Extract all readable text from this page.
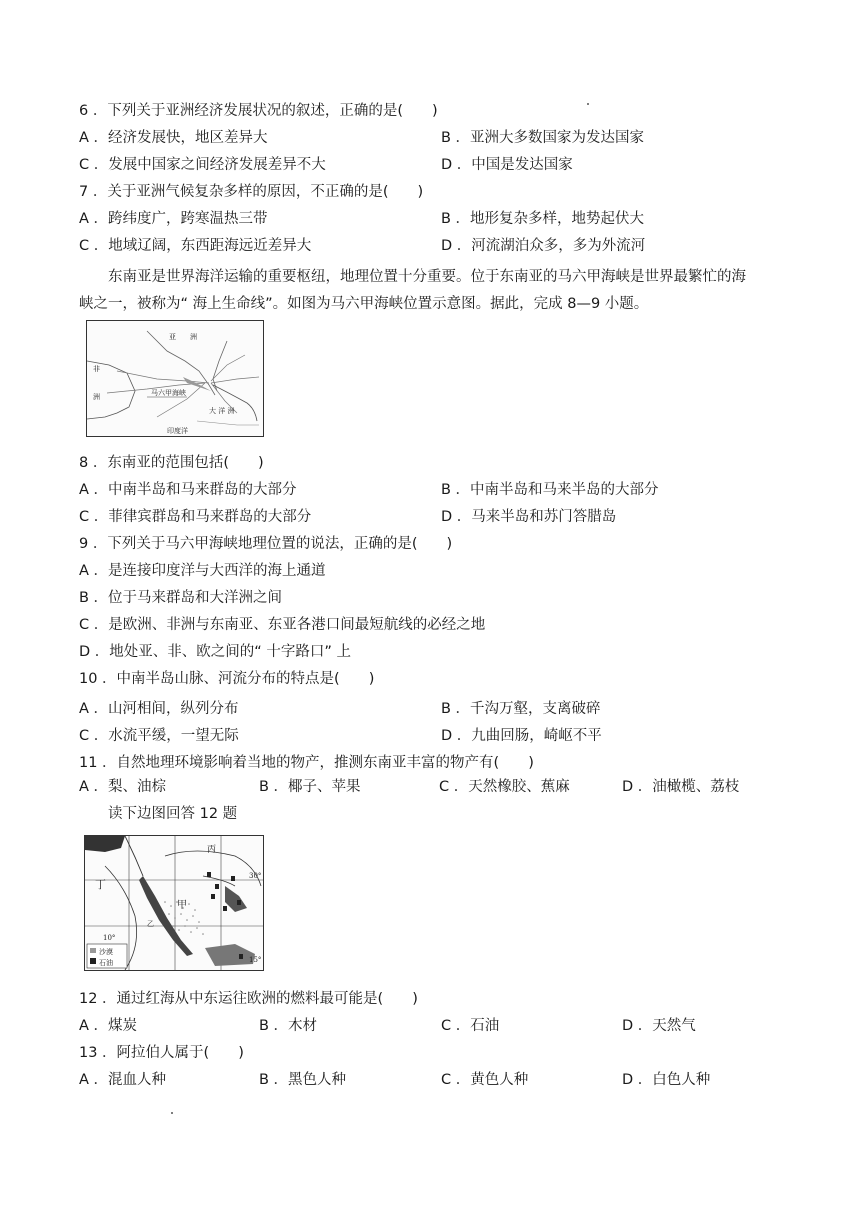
6 ．下列关于亚洲经济发展状况的叙述，正确的是(　　)
A ．经济发展快，地区差异大	B ．亚洲大多数国家为发达国家
C ．发展中国家之间经济发展差异不大	D ．中国是发达国家
7 ．关于亚洲气候复杂多样的原因，不正确的是(　　)
A ．跨纬度广，跨寒温热三带	B ．地形复杂多样，地势起伏大
C ．地域辽阔，东西距海远近差异大	D ．河流湖泊众多，多为外流河
东南亚是世界海洋运输的重要枢纽，地理位置十分重要。位于东南亚的马六甲海峡是世界最繁忙的海
峡之一，被称为“ 海上生命线”。如图为马六甲海峡位置示意图。据此，完成 8—9 小题。
亚　　洲
非
洲	马六甲海峡
大 洋 洲
印度洋
8 ．东南亚的范围包括(　　)
A ．中南半岛和马来群岛的大部分	B ．中南半岛和马来半岛的大部分
C ．菲律宾群岛和马来群岛的大部分	D ．马来半岛和苏门答腊岛
9 ．下列关于马六甲海峡地理位置的说法，正确的是(　　)
A ．是连接印度洋与大西洋的海上通道
B ．位于马来群岛和大洋洲之间
C ．是欧洲、非洲与东南亚、东亚各港口间最短航线的必经之地
D ．地处亚、非、欧之间的“ 十字路口” 上
10 ．中南半岛山脉、河流分布的特点是(　　)
A ．山河相间，纵列分布	B ．千沟万壑，支离破碎
C ．水流平缓，一望无际	D ．九曲回肠，崎岖不平
11 ．自然地理环境影响着当地的物产，推测东南亚丰富的物产有(　　)
A ．梨、油棕	B ．椰子、苹果	C ．天然橡胶、蕉麻	D ．油橄榄、荔枝
读下边图回答 12 题
丙
丁
甲
乙
30°
15°
10°
沙漠
石油
12 ．通过红海从中东运往欧洲的燃料最可能是(　　)
A ．煤炭	B ．木材	C ．石油	D ．天然气
13 ．阿拉伯人属于(　　)
A ．混血人种	B ．黑色人种	C ．黄色人种	D ．白色人种
